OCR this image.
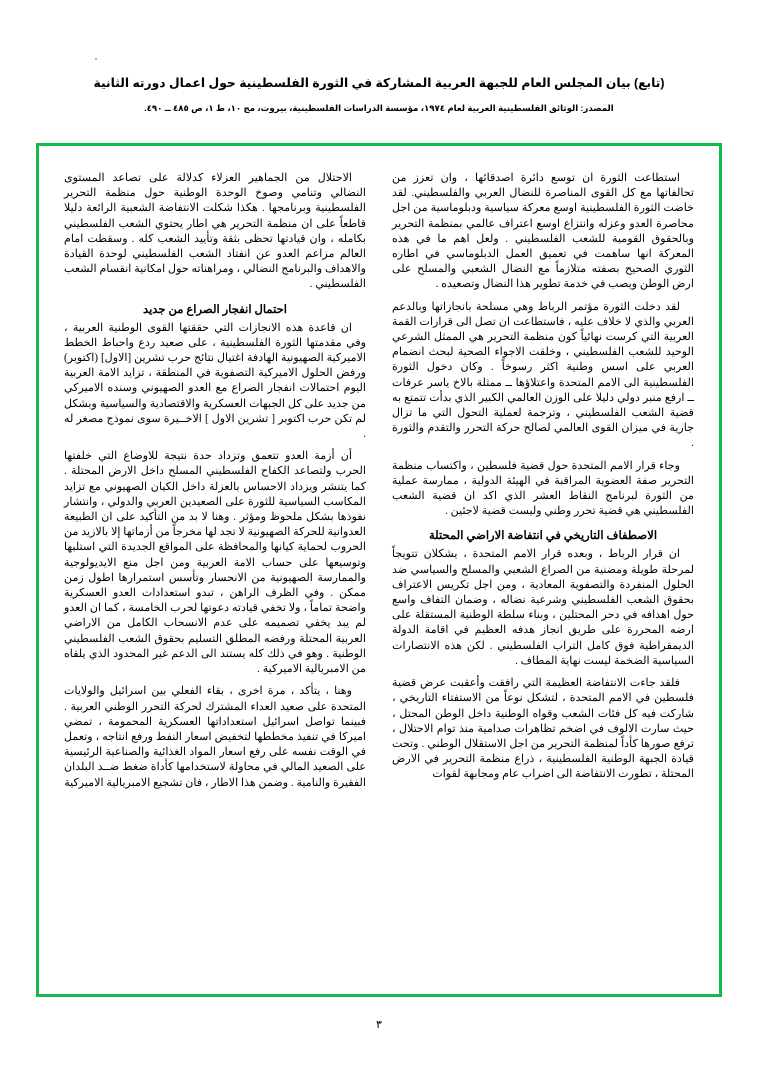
(تابع) بيان المجلس العام للجبهة العربية المشاركة في الثورة الفلسطينية حول اعمال دورته الثانية
المصدر: الوثائق الفلسطينية العربية لعام ١٩٧٤، مؤسسة الدراسات الفلسطينية، بيروت، مج ١٠، ط ١، ص ٤٨٥ ــ ٤٩٠.

استطاعت الثورة ان توسع دائرة اصدقائها ، وان تعزز من تحالفاتها مع كل القوى المناصرة للنضال العربي والفلسطيني. لقد خاضت الثورة الفلسطينية اوسع معركة سياسية ودبلوماسية من اجل محاصرة العدو وعزله وانتزاع اوسع اعتراف عالمي بمنظمة التحرير وبالحقوق القومية للشعب الفلسطيني . ولعل اهم ما في هذه المعركة انها ساهمت في تعميق العمل الدبلوماسي في اطاره الثوري الصحيح بصفته متلازماً مع النضال الشعبي والمسلح على ارض الوطن ويصب في خدمة تطوير هذا النضال وتصعيده .

لقد دخلت الثورة مؤتمر الرباط وهي مسلحة بانجازاتها وبالدعم العربي والذي لا خلاف عليه ، فاستطاعت ان تصل الى قرارات القمة العربية التي كرست نهائياً كون منظمة التحرير هي الممثل الشرعي الوحيد للشعب الفلسطيني ، وخلقت الاجواء الصحية لبحث انضمام العربي على اسس وطنية اكثر رسوخاً . وكان دخول الثورة الفلسطينية الى الامم المتحدة واعتلاؤها ــ ممثلة بالاخ ياسر عرفات ــ ارفع منبر دولي دليلا على الوزن العالمي الكبير الذي بدأت تتمتع به قضية الشعب الفلسطيني ، وترجمة لعملية التحول التي ما تزال جارية في ميزان القوى العالمي لصالح حركة التحرر والتقدم والثورة .

وجاء قرار الامم المتحدة حول قضية فلسطين ، واكتساب منظمة التحرير صفة العضوية المراقبة في الهيئة الدولية ، ممارسة عملية من الثورة لبرنامج النقاط العشر الذي اكد ان قضية الشعب الفلسطيني هي قضية تحرر وطني وليست قضية لاجئين .

الاصطفاف التاريخي في انتفاضة الاراضي المحتلة

ان قرار الرباط ، وبعده قرار الامم المتحدة ، يشكلان تتويجاً لمرحلة طويلة ومضنية من الصراع الشعبي والمسلح والسياسي ضد الحلول المنفردة والتصفوية المعادية ، ومن اجل تكريس الاعتراف بحقوق الشعب الفلسطيني وشرعية نضاله ، وضمان التفاف واسع حول اهدافه في دحر المحتلين ، وبناء سلطة الوطنية المستقلة على ارضه المحررة على طريق انجاز هدفه العظيم في اقامة الدولة الديمقراطية فوق كامل التراب الفلسطيني . لكن هذه الانتصارات السياسية الضخمة ليست نهاية المطاف .

فلقد جاءت الانتفاضة العظيمة التي رافقت وأعقبت عرض قضية فلسطين في الامم المتحدة ، لتشكل نوعاً من الاستفتاء التاريخي ، شاركت فيه كل فئات الشعب وقواه الوطنية داخل الوطن المحتل ، حيث سارت الالوف في اضخم تظاهرات صدامية منذ توام الاحتلال ، ترفع صورها كأداً لمنظمة التحرير من اجل الاستقلال الوطني . وتحت قيادة الجبهة الوطنية الفلسطينية ، ذراع منظمة التحرير في الارض المحتلة ، تطورت الانتفاضة الى اضراب عام ومجابهة لقوات

الاحتلال من الجماهير العزلاء كدلالة على تصاعد المستوى النضالي وتنامي وصوخ الوحدة الوطنية حول منظمة التحرير الفلسطينية وبرنامجها . هكذا شكلت الانتفاضة الشعبية الرائعة دليلا قاطعاً على ان منظمة التحرير هي اطار يحتوي الشعب الفلسطيني بكامله ، وان قيادتها تحظى بثقة وتأييد الشعب كله . وسقطت امام العالم مزاعم العدو عن انفتاد الشعب الفلسطيني لوحدة القيادة والاهداف والبرنامج النضالي ، ومراهناته حول امكانية انقسام الشعب الفلسطيني .

احتمال انفجار الصراع من جديد

ان قاعدة هذه الانجازات التي حققتها القوى الوطنية العربية ، وفي مقدمتها الثورة الفلسطينية ، على صعيد ردع واحباط الخطط الاميركية الصهيونية الهادفة اغتيال نتائج حرب تشرين [الاول] (اكتوبر) ورفض الحلول الاميركية التصفوية في المنطقة ، تزايد الامة العربية اليوم احتمالات انفجار الصراع مع العدو الصهيوني وسنده الاميركي من جديد على كل الجبهات العسكرية والاقتصادية والسياسية وبشكل لم تكن حرب اكتوبر [ تشرين الاول ] الاخــيرة سوى نموذج مصغر له .

أن أزمة العدو تتعمق وتزداد حدة نتيجة للاوضاع التي خلفتها الحرب ولتصاعد الكفاح الفلسطيني المسلح داخل الارض المحتلة . كما يتنشر ويزداد الاحساس بالعزلة داخل الكيان الصهيوني مع تزايد المكاسب السياسية للثورة على الصعيدين العربي والدولي ، وانتشار نفوذها بشكل ملحوظ ومؤثر . وهنا لا بد من التأكيد على ان الطبيعة العدوانية للحركة الصهيونية لا تجد لها مخرجاً من أزماتها إلا بالازيد من الحروب لحماية كيانها والمحافظة على المواقع الجديدة التي استلبها وتوسيعها على حساب الامة العربية ومن اجل منع الايديولوجية والممارسة الصهيونية من الانحسار وتأسس استمرارها اطول زمن ممكن . وفي الظرف الراهن ، تبدو استعدادات العدو العسكرية واضحة تماماً ، ولا تخفي قيادته دعوتها لحرب الخامسة ، كما ان العدو لم يبد يخفي تصميمه على عدم الانسحاب الكامل من الاراضي العربية المحتلة ورفضه المطلق التسليم بحقوق الشعب الفلسطيني الوطنية . وهو في ذلك كله يستند الى الدعم غير المحدود الذي يلقاه من الامبريالية الاميركية .

وهنا ، يتأكد ، مرة اخرى ، بقاء الفعلي بين اسرائيل والولايات المتحدة على صعيد العداء المشترك لحركة التحرر الوطني العربية . فبينما تواصل اسرائيل استعداداتها العسكرية المحمومة ، تمضي اميركا في تنفيذ مخططها لتخفيض اسعار النفط ورفع انتاجه ، وتعمل في الوقت نفسه على رفع اسعار المواد الغذائية والصناعية الرئيسية على الصعيد المالي في محاولة لاستخدامها كأداة ضغط ضــد البلدان الفقيرة والنامية . وضمن هذا الاطار ، فان تشجيع الامبريالية الاميركية

٣
